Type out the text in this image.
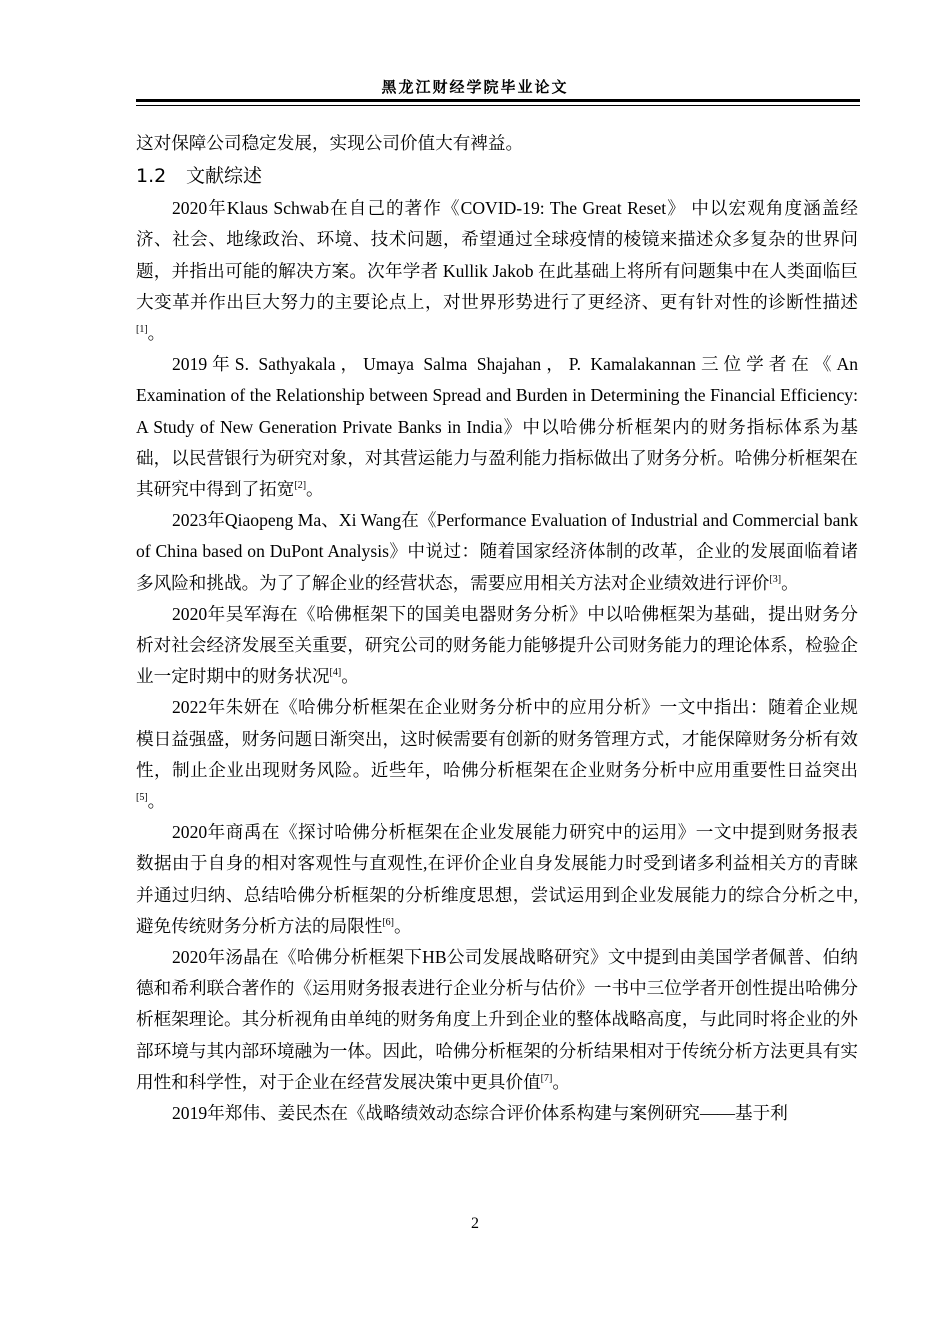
黑龙江财经学院毕业论文

这对保障公司稳定发展，实现公司价值大有裨益。

1.2 文献综述

2020年Klaus Schwab在自己的著作《COVID-19: The Great Reset》 中以宏观角度涵盖经济、社会、地缘政治、环境、技术问题，希望通过全球疫情的棱镜来描述众多复杂的世界问题，并指出可能的解决方案。次年学者 Kullik Jakob 在此基础上将所有问题集中在人类面临巨大变革并作出巨大努力的主要论点上，对世界形势进行了更经济、更有针对性的诊断性描述[1]。

2019年S. Sathyakala，Umaya Salma Shajahan，P. Kamalakannan三位学者在《An Examination of the Relationship between Spread and Burden in Determining the Financial Efficiency: A Study of New Generation Private Banks in India》中以哈佛分析框架内的财务指标体系为基础，以民营银行为研究对象，对其营运能力与盈利能力指标做出了财务分析。哈佛分析框架在其研究中得到了拓宽[2]。

2023年Qiaopeng Ma、Xi Wang在《Performance Evaluation of Industrial and Commercial bank of China based on DuPont Analysis》中说过：随着国家经济体制的改革，企业的发展面临着诸多风险和挑战。为了了解企业的经营状态，需要应用相关方法对企业绩效进行评价[3]。

2020年吴军海在《哈佛框架下的国美电器财务分析》中以哈佛框架为基础，提出财务分析对社会经济发展至关重要，研究公司的财务能力能够提升公司财务能力的理论体系，检验企业一定时期中的财务状况[4]。

2022年朱妍在《哈佛分析框架在企业财务分析中的应用分析》一文中指出：随着企业规模日益强盛，财务问题日渐突出，这时候需要有创新的财务管理方式，才能保障财务分析有效性，制止企业出现财务风险。近些年，哈佛分析框架在企业财务分析中应用重要性日益突出[5]。

2020年商禹在《探讨哈佛分析框架在企业发展能力研究中的运用》一文中提到财务报表数据由于自身的相对客观性与直观性,在评价企业自身发展能力时受到诸多利益相关方的青睐并通过归纳、总结哈佛分析框架的分析维度思想，尝试运用到企业发展能力的综合分析之中,避免传统财务分析方法的局限性[6]。

2020年汤晶在《哈佛分析框架下HB公司发展战略研究》文中提到由美国学者佩普、伯纳德和希利联合著作的《运用财务报表进行企业分析与估价》一书中三位学者开创性提出哈佛分析框架理论。其分析视角由单纯的财务角度上升到企业的整体战略高度，与此同时将企业的外部环境与其内部环境融为一体。因此，哈佛分析框架的分析结果相对于传统分析方法更具有实用性和科学性，对于企业在经营发展决策中更具价值[7]。

2019年郑伟、姜民杰在《战略绩效动态综合评价体系构建与案例研究——基于利

2
